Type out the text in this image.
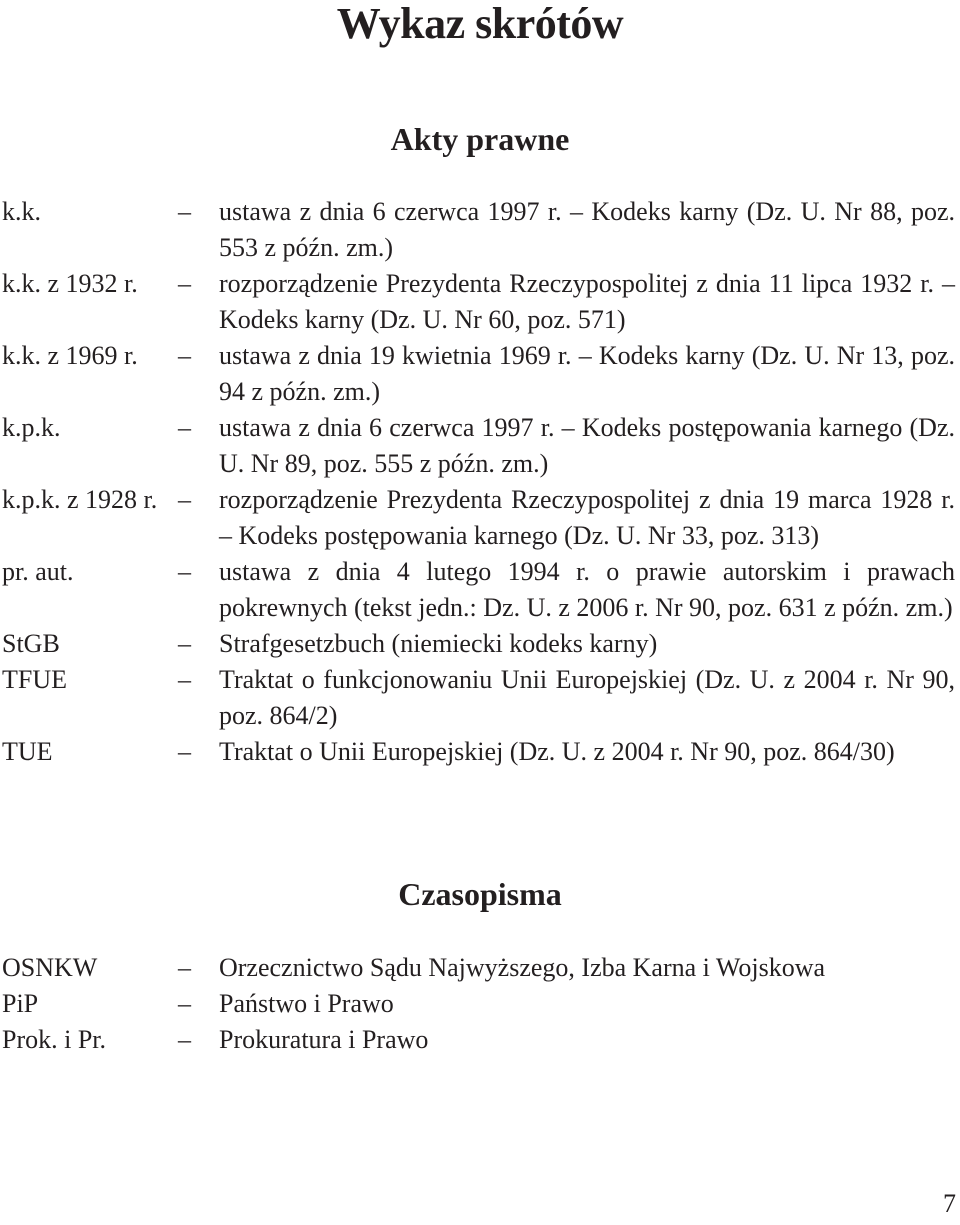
Wykaz skrótów
Akty prawne
k.k.	– ustawa z dnia 6 czerwca 1997 r. – Kodeks karny (Dz. U. Nr 88, poz. 553 z późn. zm.)
k.k. z 1932 r. – rozporządzenie Prezydenta Rzeczypospolitej z dnia 11 lipca 1932 r. – Kodeks karny (Dz. U. Nr 60, poz. 571)
k.k. z 1969 r. – ustawa z dnia 19 kwietnia 1969 r. – Kodeks karny (Dz. U. Nr 13, poz. 94 z późn. zm.)
k.p.k.	– ustawa z dnia 6 czerwca 1997 r. – Kodeks postępowania karnego (Dz. U. Nr 89, poz. 555 z późn. zm.)
k.p.k. z 1928 r. – rozporządzenie Prezydenta Rzeczypospolitej z dnia 19 marca 1928 r. – Kodeks postępowania karnego (Dz. U. Nr 33, poz. 313)
pr. aut.	– ustawa z dnia 4 lutego 1994 r. o prawie autorskim i prawach pokrewnych (tekst jedn.: Dz. U. z 2006 r. Nr 90, poz. 631 z późn. zm.)
StGB	– Strafgesetzbuch (niemiecki kodeks karny)
TFUE	– Traktat o funkcjonowaniu Unii Europejskiej (Dz. U. z 2004 r. Nr 90, poz. 864/2)
TUE	– Traktat o Unii Europejskiej (Dz. U. z 2004 r. Nr 90, poz. 864/30)
Czasopisma
OSNKW	– Orzecznictwo Sądu Najwyższego, Izba Karna i Wojskowa
PiP	– Państwo i Prawo
Prok. i Pr.	– Prokuratura i Prawo
7
